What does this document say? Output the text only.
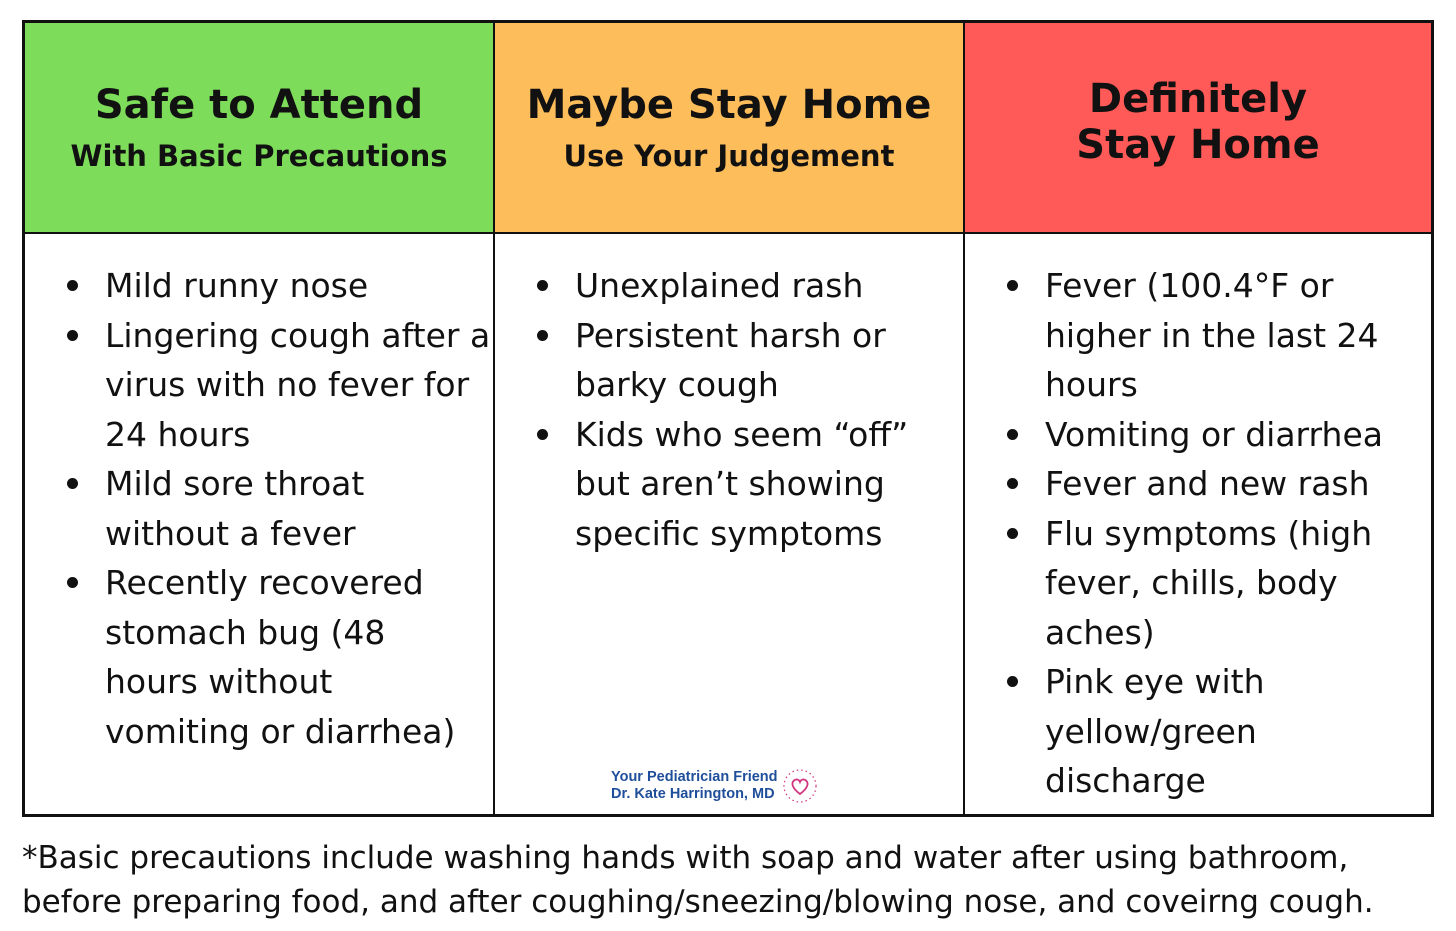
Safe to Attend
With Basic Precautions
Maybe Stay Home
Use Your Judgement
Definitely Stay Home
Mild runny nose
Lingering cough after a virus with no fever for 24 hours
Mild sore throat without a fever
Recently recovered stomach bug (48 hours without vomiting or diarrhea)
Unexplained rash
Persistent harsh or barky cough
Kids who seem “off” but aren’t showing specific symptoms
Your Pediatrician Friend
Dr. Kate Harrington, MD
Fever (100.4°F or higher in the last 24 hours
Vomiting or diarrhea
Fever and new rash
Flu symptoms (high fever, chills, body aches)
Pink eye with yellow/green discharge
*Basic precautions include washing hands with soap and water after using bathroom, before preparing food, and after coughing/sneezing/blowing nose, and coveirng cough.
